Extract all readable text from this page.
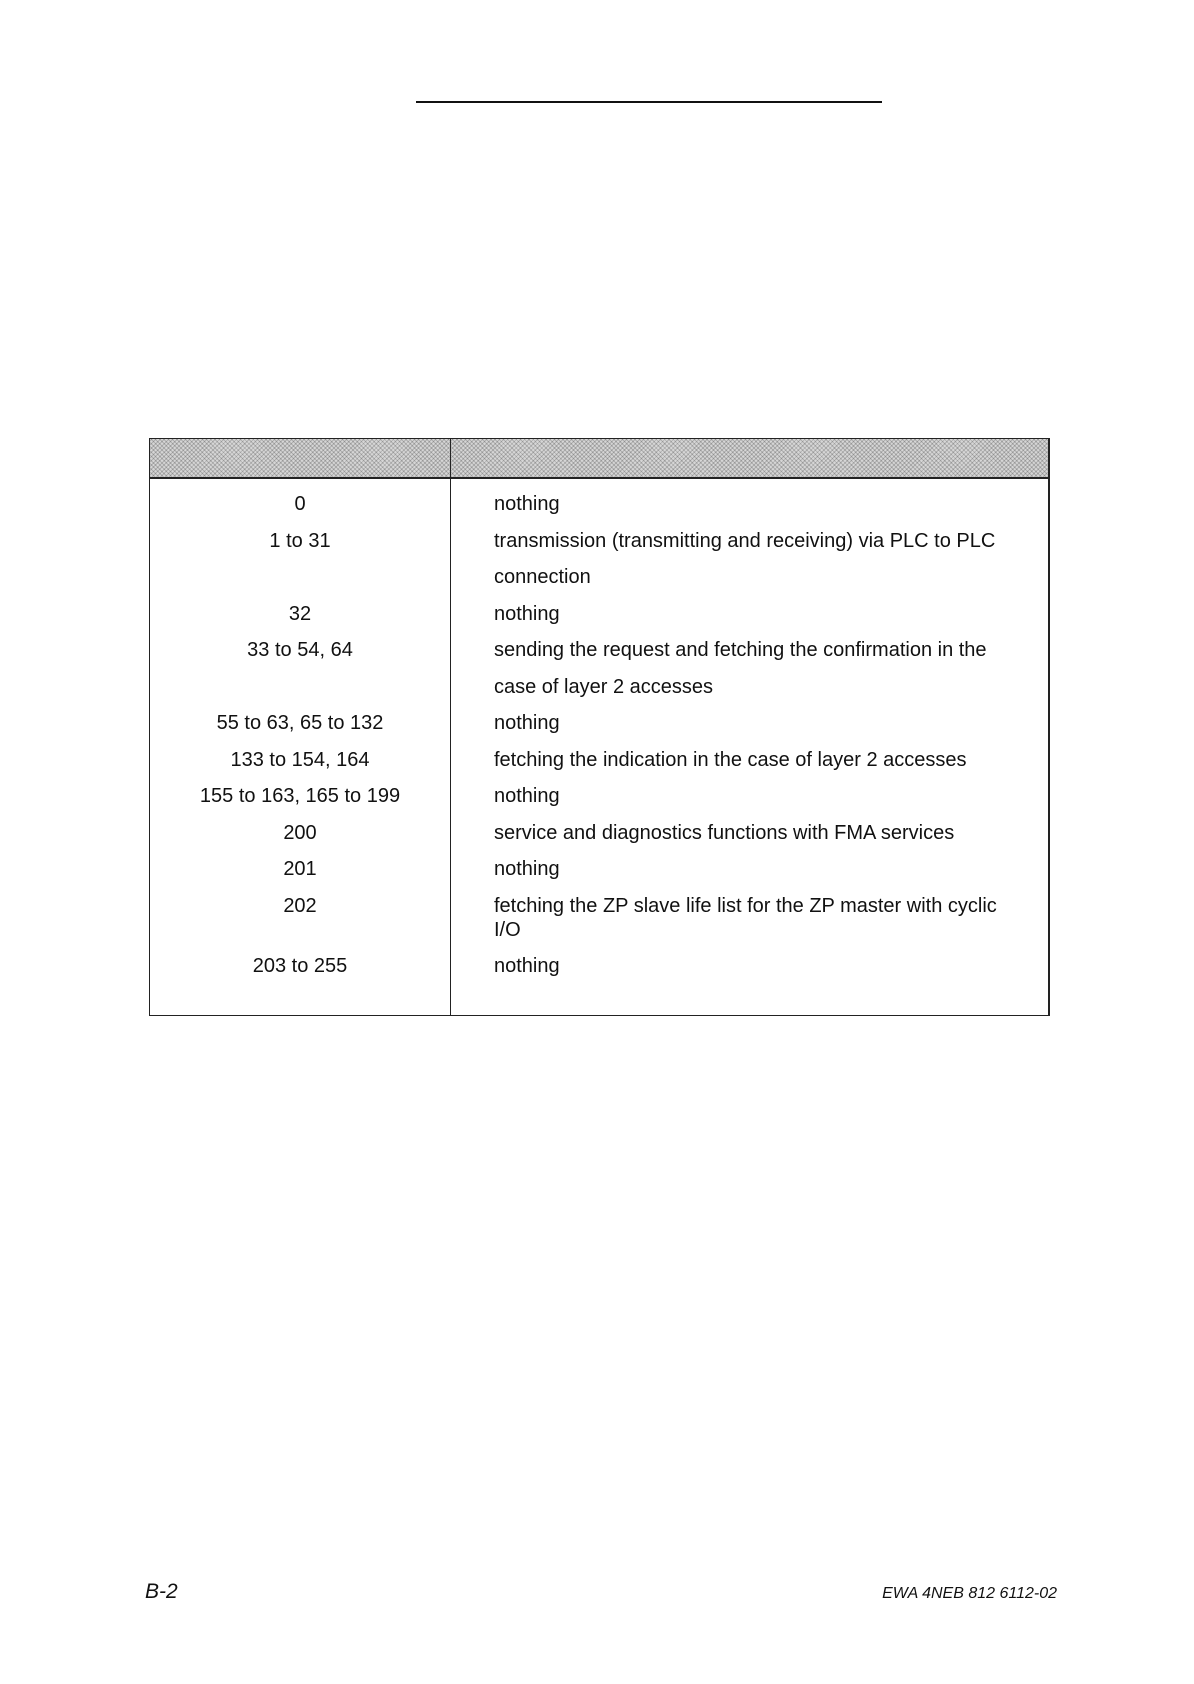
0	nothing
1 to 31	transmission (transmitting and receiving) via PLC to PLC connection
32	nothing
33 to 54, 64	sending the request and fetching the confirmation in the case of layer 2 accesses
55 to 63, 65 to 132	nothing
133 to 154, 164	fetching the indication in the case of layer 2 accesses
155 to 163, 165 to 199	nothing
200	service and diagnostics functions with FMA services
201	nothing
202	fetching the ZP slave life list for the ZP master with cyclic I/O
203 to 255	nothing
B-2	EWA 4NEB 812 6112-02
